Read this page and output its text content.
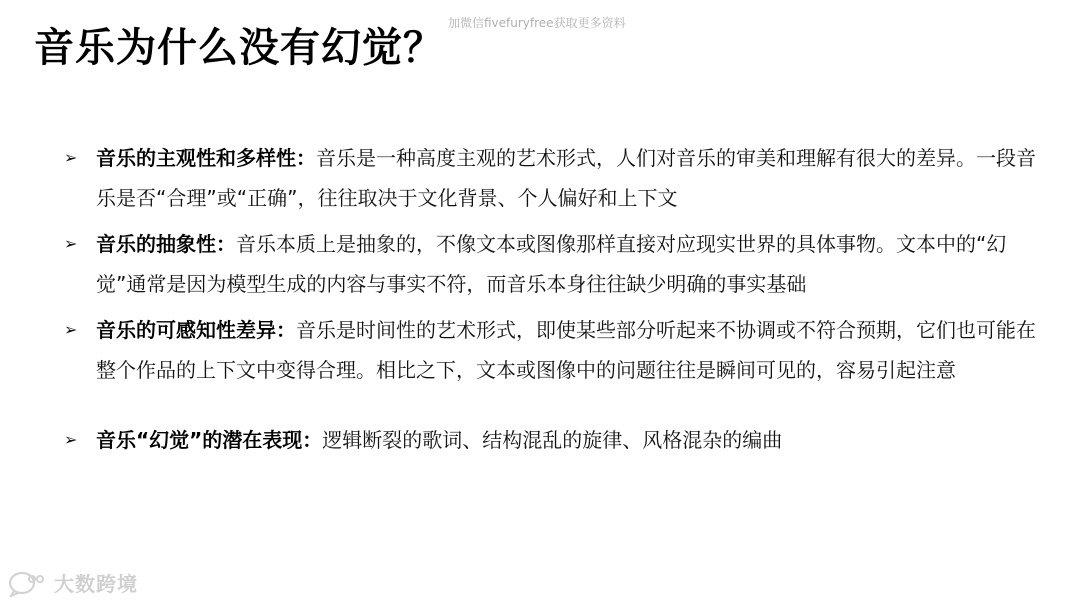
音乐为什么没有幻觉？
加微信fivefuryfree获取更多资料
➢ 音乐的主观性和多样性：音乐是一种高度主观的艺术形式，人们对音乐的审美和理解有很大的差异。一段音乐是否“合理”或“正确”，往往取决于文化背景、个人偏好和上下文
➢ 音乐的抽象性：音乐本质上是抽象的，不像文本或图像那样直接对应现实世界的具体事物。文本中的“幻觉”通常是因为模型生成的内容与事实不符，而音乐本身往往缺少明确的事实基础
➢ 音乐的可感知性差异：音乐是时间性的艺术形式，即使某些部分听起来不协调或不符合预期，它们也可能在整个作品的上下文中变得合理。相比之下，文本或图像中的问题往往是瞬间可见的，容易引起注意
➢ 音乐“幻觉”的潜在表现：逻辑断裂的歌词、结构混乱的旋律、风格混杂的编曲
大数跨境
